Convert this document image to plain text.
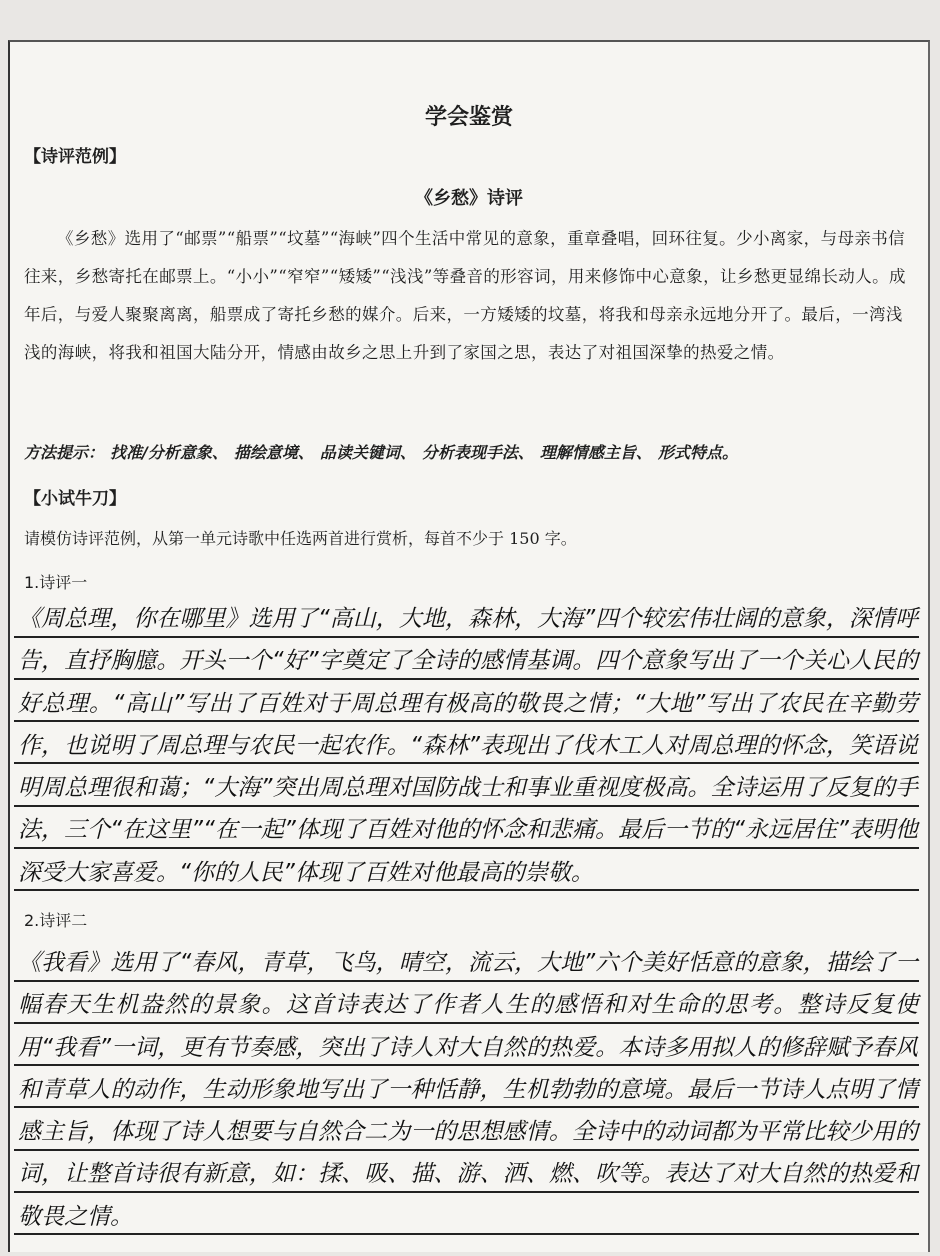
学会鉴赏
【诗评范例】
《乡愁》诗评
《乡愁》选用了“邮票”“船票”“坟墓”“海峡”四个生活中常见的意象，重章叠唱，回环往复。少小离家，与母亲书信往来，乡愁寄托在邮票上。“小小”“窄窄”“矮矮”“浅浅”等叠音的形容词，用来修饰中心意象，让乡愁更显绵长动人。成年后，与爱人聚聚离离，船票成了寄托乡愁的媒介。后来，一方矮矮的坟墓，将我和母亲永远地分开了。最后，一湾浅浅的海峡，将我和祖国大陆分开，情感由故乡之思上升到了家国之思，表达了对祖国深挚的热爱之情。
方法提示： 找准/分析意象、 描绘意境、 品读关键词、 分析表现手法、 理解情感主旨、 形式特点。
【小试牛刀】
请模仿诗评范例，从第一单元诗歌中任选两首进行赏析，每首不少于 150 字。
1.诗评一
《周总理，你在哪里》选用了“高山，大地，森林，大海”四个较宏伟壮阔的意象，深情呼告，直抒胸臆。开头一个“好”字奠定了全诗的感情基调。四个意象写出了一个关心人民的好总理。“高山”写出了百姓对于周总理有极高的敬畏之情；“大地”写出了农民在辛勤劳作，也说明了周总理与农民一起农作。“森林”表现出了伐木工人对周总理的怀念，笑语说明周总理很和蔼；“大海”突出周总理对国防战士和事业重视度极高。全诗运用了反复的手法，三个“在这里”“在一起”体现了百姓对他的怀念和悲痛。最后一节的“永远居住”表明他深受大家喜爱。“你的人民”体现了百姓对他最高的崇敬。
2.诗评二
《我看》选用了“春风，青草，飞鸟，晴空，流云，大地”六个美好恬意的意象，描绘了一幅春天生机盎然的景象。这首诗表达了作者人生的感悟和对生命的思考。整诗反复使用“我看”一词，更有节奏感，突出了诗人对大自然的热爱。本诗多用拟人的修辞赋予春风和青草人的动作，生动形象地写出了一种恬静，生机勃勃的意境。最后一节诗人点明了情感主旨，体现了诗人想要与自然合二为一的思想感情。全诗中的动词都为平常比较少用的词，让整首诗很有新意，如：揉、吸、描、游、洒、燃、吹等。表达了对大自然的热爱和敬畏之情。
